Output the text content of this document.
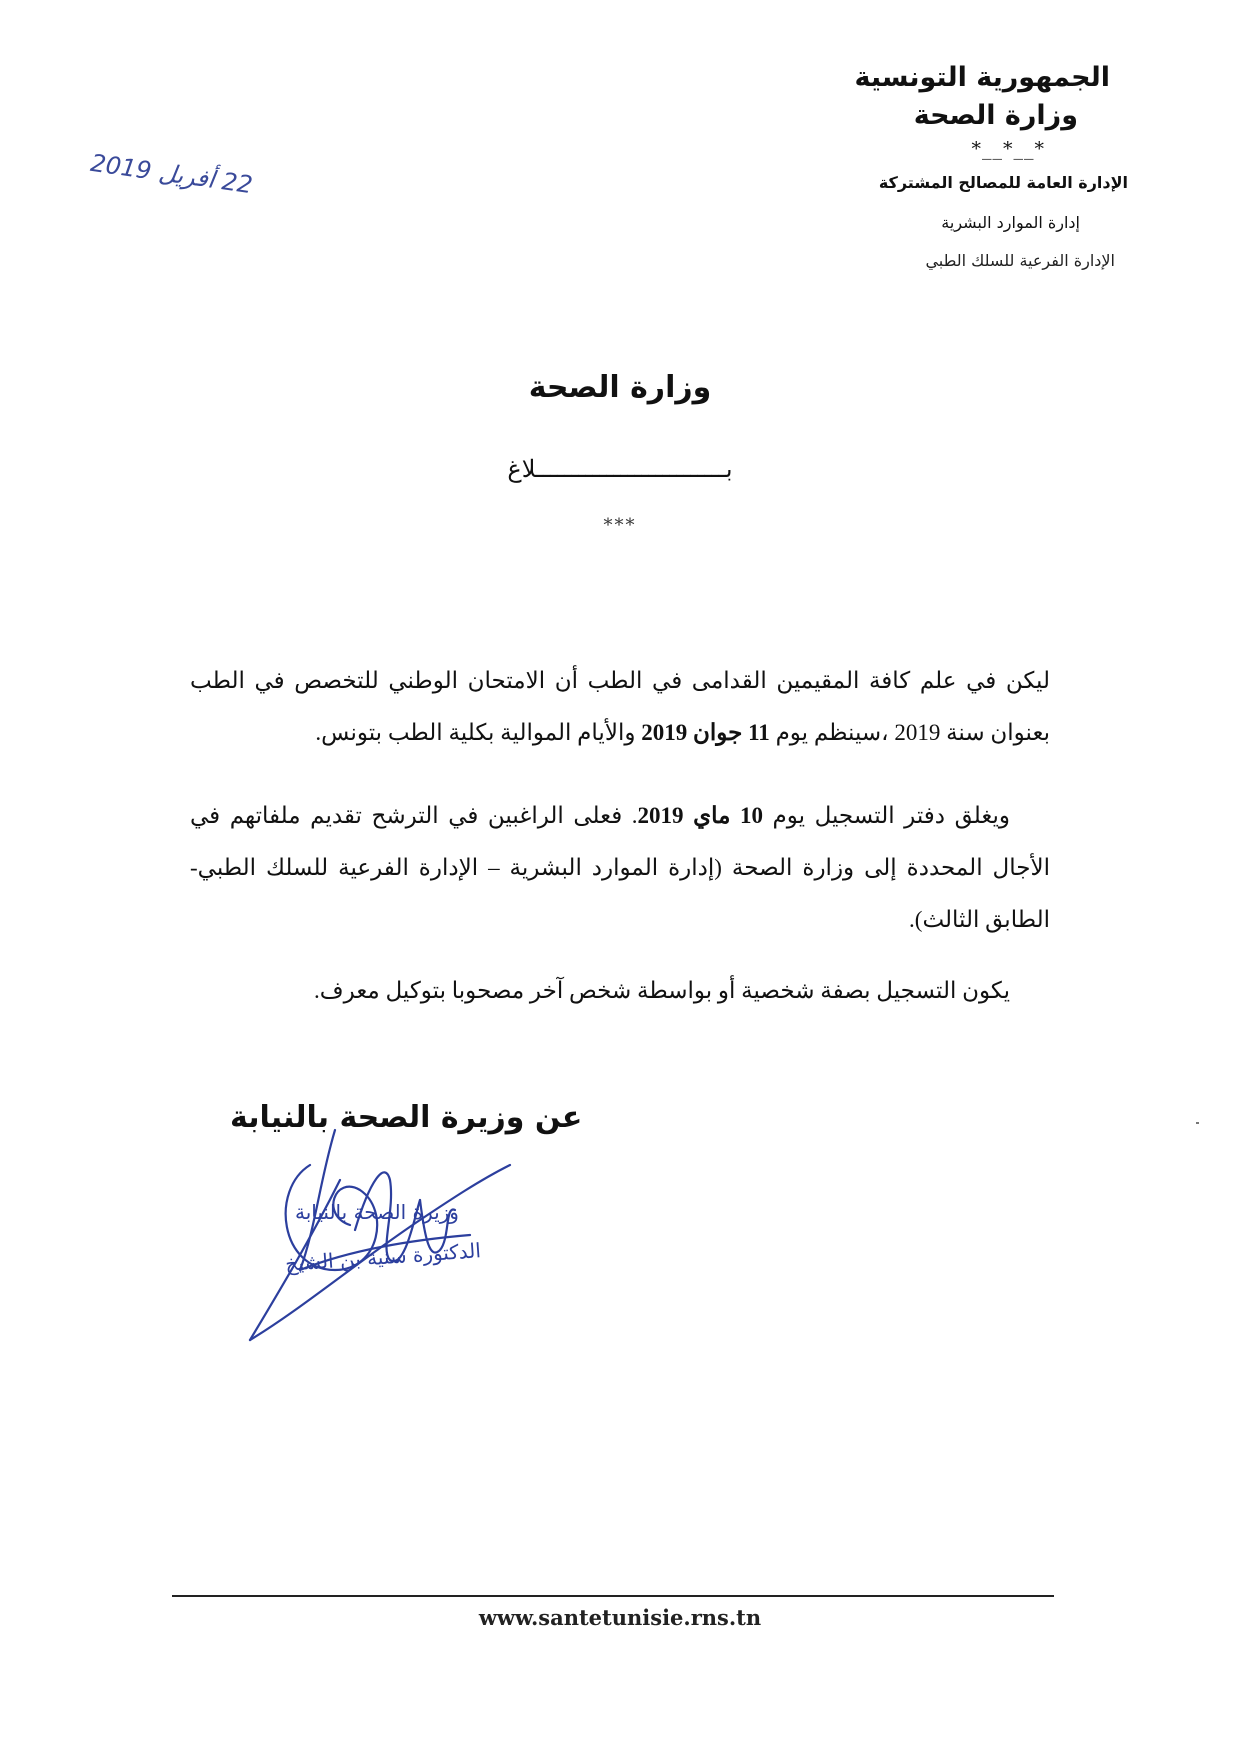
الجمهورية التونسية
وزارة الصحة
*__*__*
الإدارة العامة للمصالح المشتركة
إدارة الموارد البشرية
الإدارة الفرعية للسلك الطبي
22 أفريل 2019
وزارة الصحة
بـــــــــــــــــــــــــــلاغ
***
ليكن في علم كافة المقيمين القدامى في الطب أن الامتحان الوطني للتخصص في الطب بعنوان سنة 2019 ،سينظم يوم 11 جوان 2019 والأيام الموالية بكلية الطب بتونس.
ويغلق دفتر التسجيل يوم 10 ماي 2019. فعلى الراغبين في الترشح تقديم ملفاتهم في الأجال المحددة إلى وزارة الصحة (إدارة الموارد البشرية – الإدارة الفرعية للسلك الطبي- الطابق الثالث).
يكون التسجيل بصفة شخصية أو بواسطة شخص آخر مصحوبا بتوكيل معرف.
عن وزيرة الصحة بالنيابة
وزيرة الصحة بالنيابة
الدكتورة سنية بن الشيخ
www.santetunisie.rns.tn
